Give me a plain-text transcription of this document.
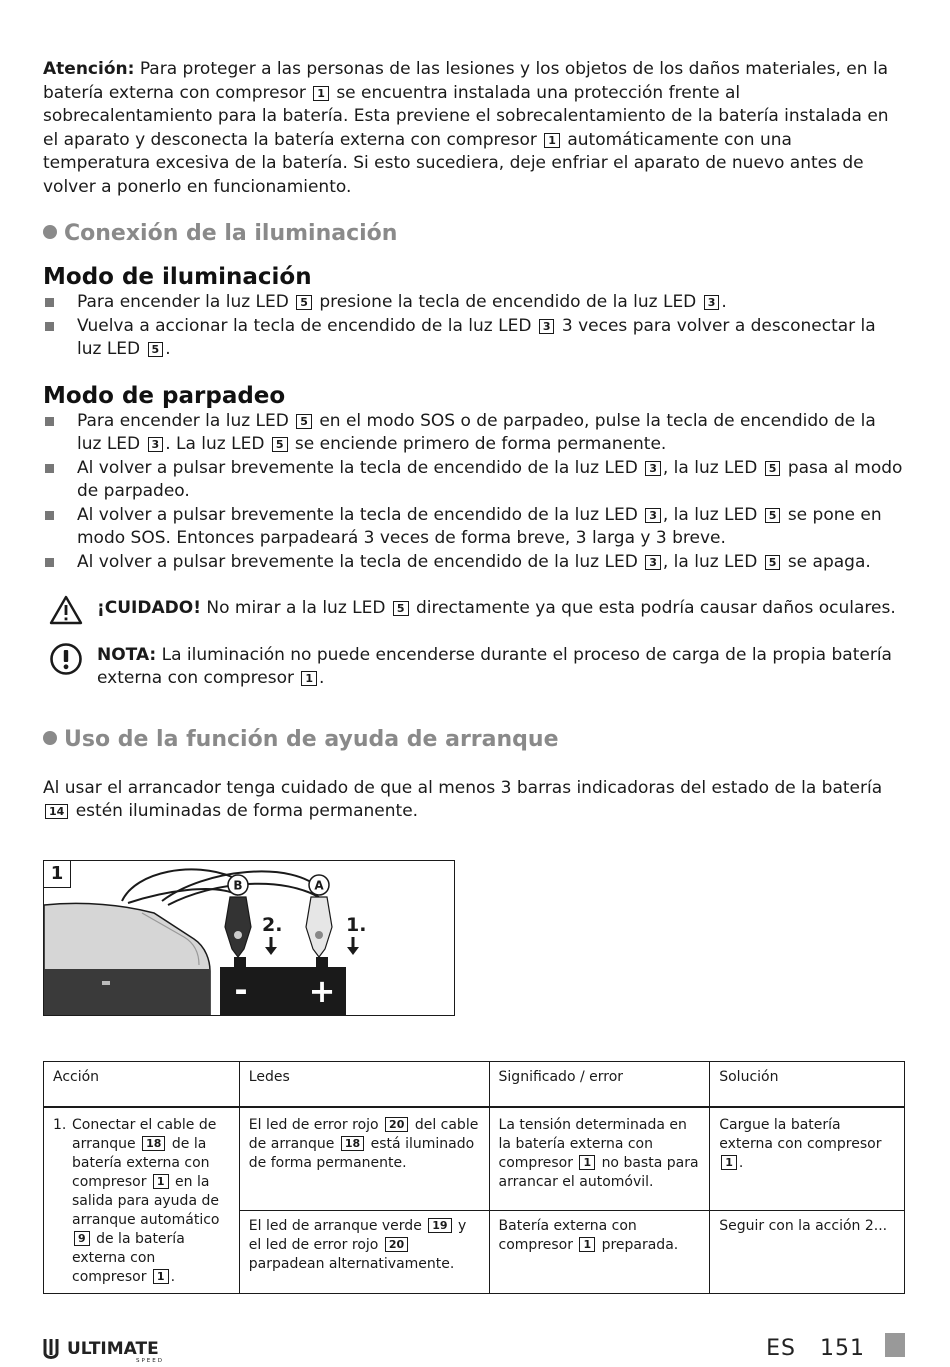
Atención: Para proteger a las personas de las lesiones y los objetos de los daños materiales, en la batería externa con compresor 1 se encuentra instalada una protección frente al sobrecalentamiento para la batería. Esta previene el sobrecalentamiento de la batería instalada en el aparato y desconecta la batería externa con compresor 1 automáticamente con una temperatura excesiva de la batería. Si esto sucediera, deje enfriar el aparato de nuevo antes de volver a ponerlo en funcionamiento.

Conexión de la iluminación
Modo de iluminación
Para encender la luz LED 5 presione la tecla de encendido de la luz LED 3 .
Vuelva a accionar la tecla de encendido de la luz LED 3 3 veces para volver a desconectar la luz LED 5 .
Modo de parpadeo
Para encender la luz LED 5 en el modo SOS o de parpadeo, pulse la tecla de encendido de la luz LED 3 . La luz LED 5 se enciende primero de forma permanente.
Al volver a pulsar brevemente la tecla de encendido de la luz LED 3 , la luz LED 5 pasa al modo de parpadeo.
Al volver a pulsar brevemente la tecla de encendido de la luz LED 3 , la luz LED 5 se pone en modo SOS. Entonces parpadeará 3 veces de forma breve, 3 larga y 3 breve.
Al volver a pulsar brevemente la tecla de encendido de la luz LED 3 , la luz LED 5 se apaga.

¡CUIDADO! No mirar a la luz LED 5 directamente ya que esta podría causar daños oculares.

NOTA: La iluminación no puede encenderse durante el proceso de carga de la propia batería externa con compresor 1 .

Uso de la función de ayuda de arranque

Al usar el arrancador tenga cuidado de que al menos 3 barras indicadoras del estado de la batería 14 estén iluminadas de forma permanente.

1
B	A
2.	1.
- +
Acción	Ledes	Significado / error	Solución

1. Conectar el cable de arranque 18 de la batería externa con compresor 1 en la salida para ayuda de arranque automático 9 de la batería externa con compresor 1 .	El led de error rojo 20 del cable de arranque 18 está iluminado de forma permanente.	La tensión determinada en la batería externa con compresor 1 no basta para arrancar el automóvil.	Cargue la batería externa con compresor 1 .
	El led de arranque verde 19 y el led de error rojo 20 parpadean alternativamente.	Batería externa con compresor 1 preparada.	Seguir con la acción 2...
ULTIMATE
SPEED	ES 151
